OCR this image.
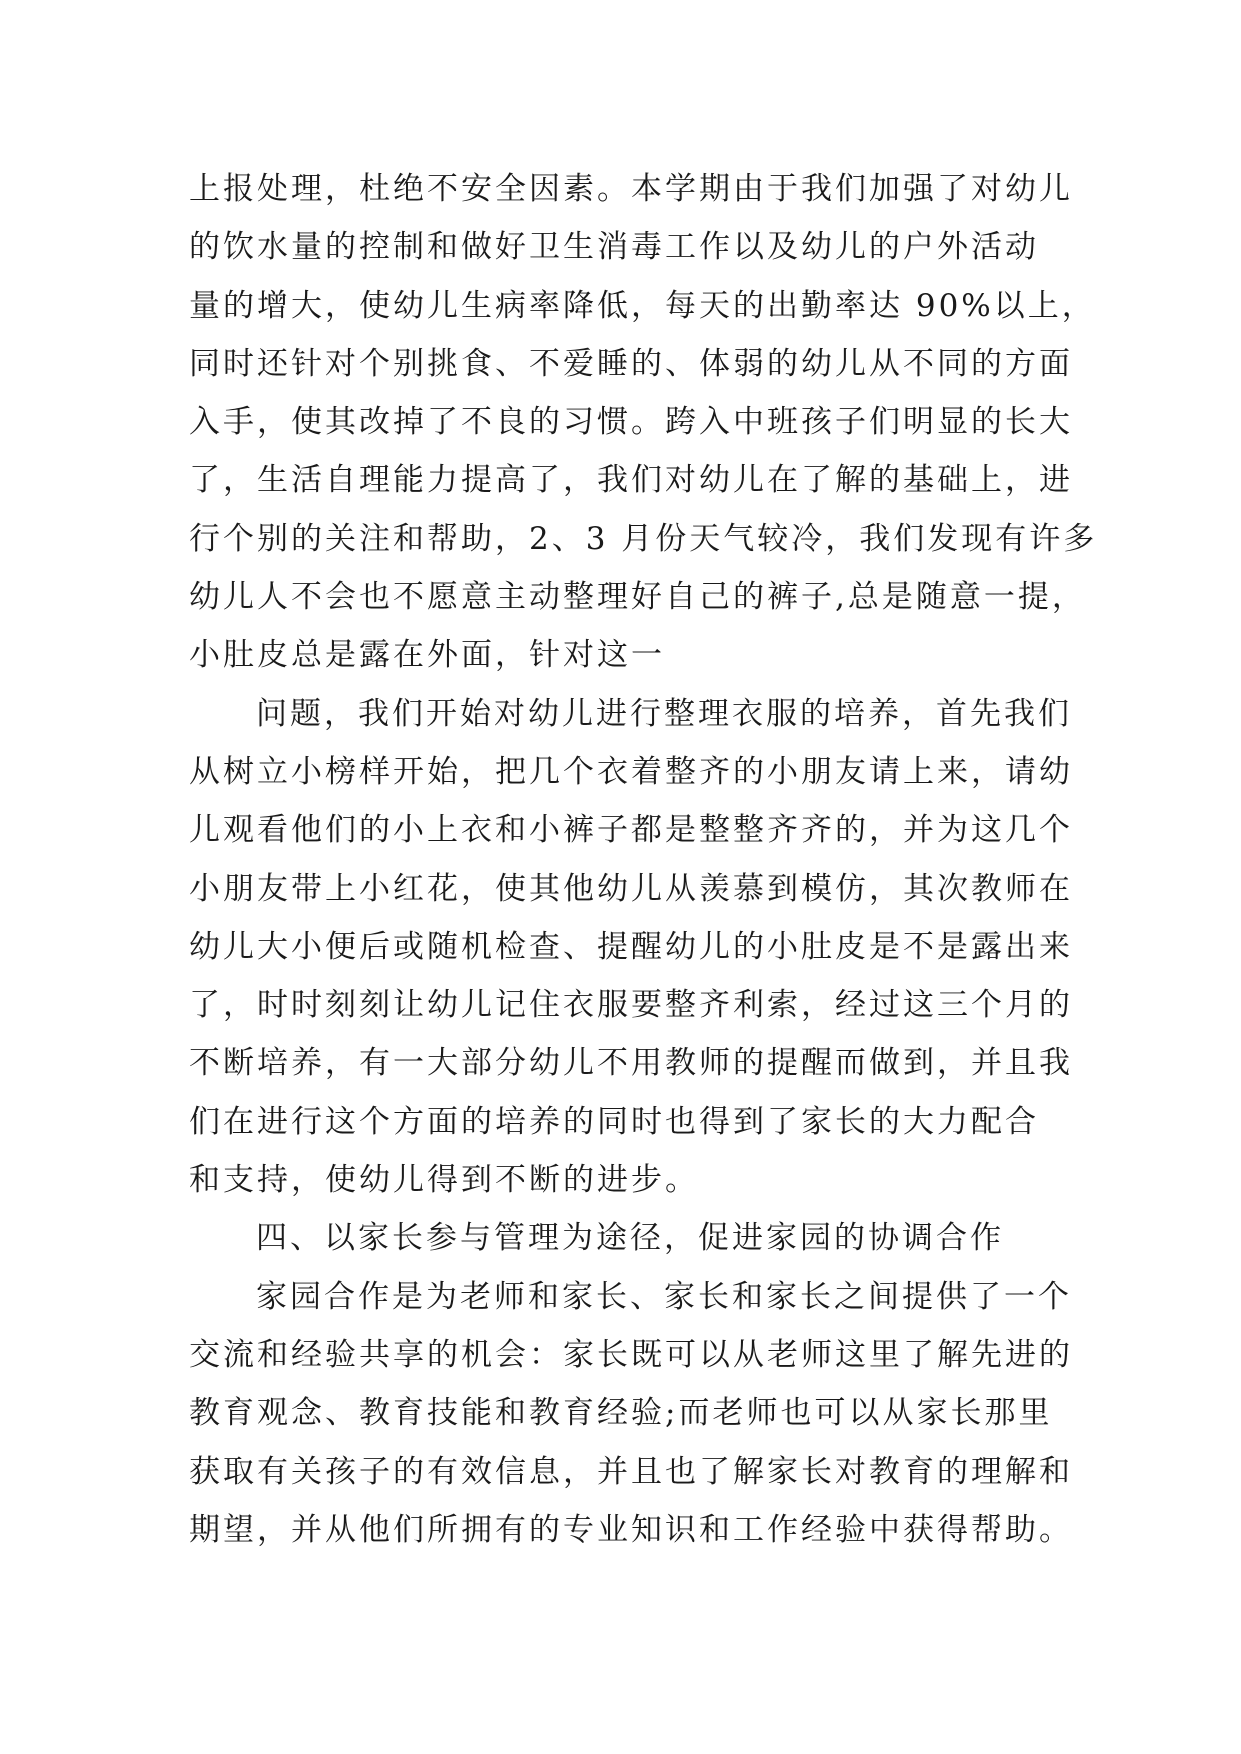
上报处理，杜绝不安全因素。本学期由于我们加强了对幼儿
的饮水量的控制和做好卫生消毒工作以及幼儿的户外活动
量的增大，使幼儿生病率降低，每天的出勤率达 90%以上，
同时还针对个别挑食、不爱睡的、体弱的幼儿从不同的方面
入手，使其改掉了不良的习惯。跨入中班孩子们明显的长大
了，生活自理能力提高了，我们对幼儿在了解的基础上，进
行个别的关注和帮助，2、3 月份天气较冷，我们发现有许多
幼儿人不会也不愿意主动整理好自己的裤子,总是随意一提，
小肚皮总是露在外面，针对这一
问题，我们开始对幼儿进行整理衣服的培养，首先我们
从树立小榜样开始，把几个衣着整齐的小朋友请上来，请幼
儿观看他们的小上衣和小裤子都是整整齐齐的，并为这几个
小朋友带上小红花，使其他幼儿从羡慕到模仿，其次教师在
幼儿大小便后或随机检查、提醒幼儿的小肚皮是不是露出来
了，时时刻刻让幼儿记住衣服要整齐利索，经过这三个月的
不断培养，有一大部分幼儿不用教师的提醒而做到，并且我
们在进行这个方面的培养的同时也得到了家长的大力配合
和支持，使幼儿得到不断的进步。
四、以家长参与管理为途径，促进家园的协调合作
家园合作是为老师和家长、家长和家长之间提供了一个
交流和经验共享的机会：家长既可以从老师这里了解先进的
教育观念、教育技能和教育经验;而老师也可以从家长那里
获取有关孩子的有效信息，并且也了解家长对教育的理解和
期望，并从他们所拥有的专业知识和工作经验中获得帮助。
